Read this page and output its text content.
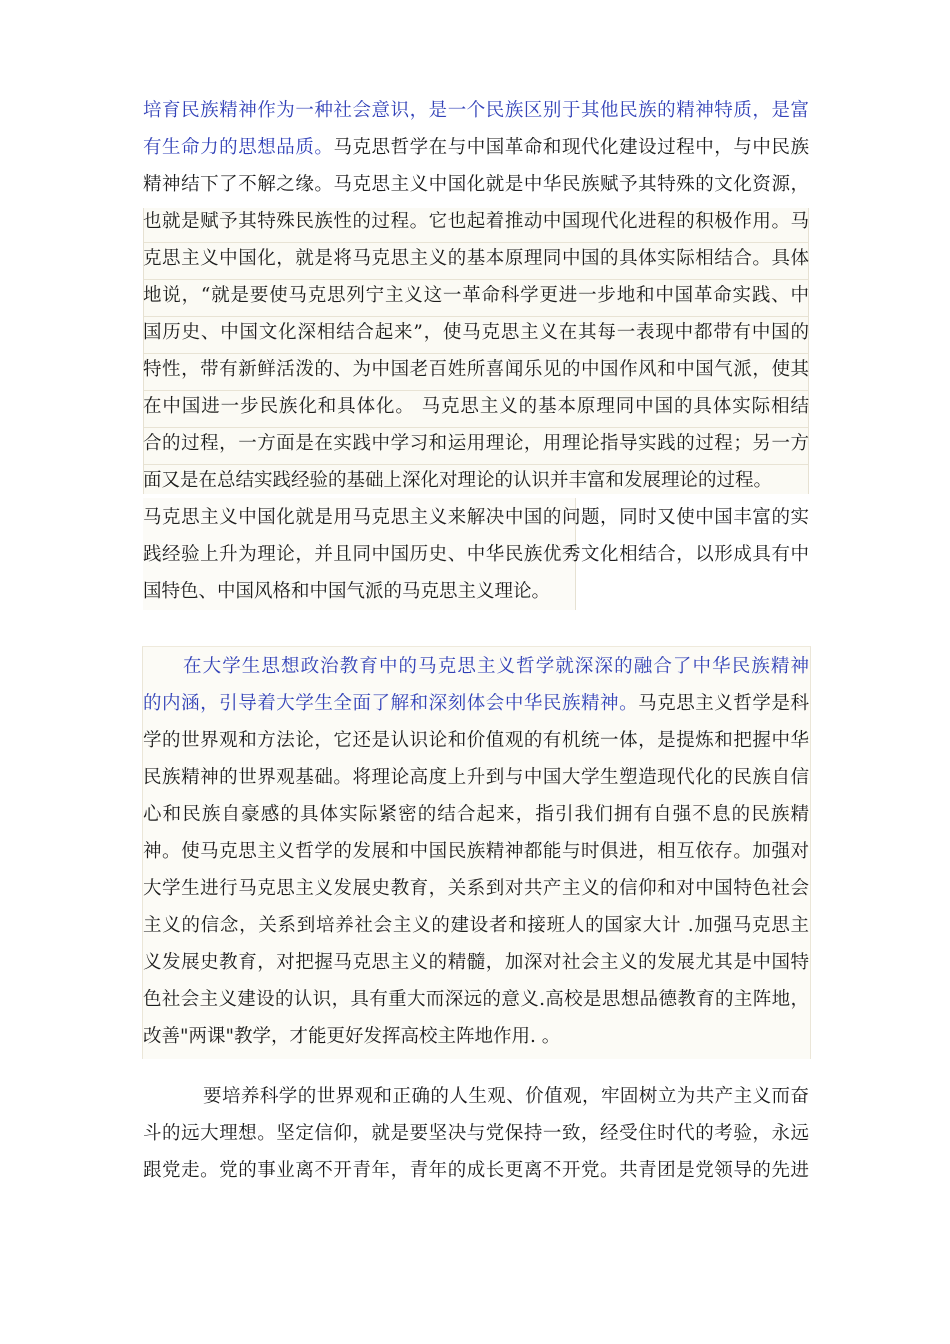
培育民族精神作为一种社会意识，是一个民族区别于其他民族的精神特质，是富
有生命力的思想品质。马克思哲学在与中国革命和现代化建设过程中，与中民族
精神结下了不解之缘。马克思主义中国化就是中华民族赋予其特殊的文化资源，
也就是赋予其特殊民族性的过程。它也起着推动中国现代化进程的积极作用。马
克思主义中国化，就是将马克思主义的基本原理同中国的具体实际相结合。具体
地说，“就是要使马克思列宁主义这一革命科学更进一步地和中国革命实践、中
国历史、中国文化深相结合起来”，使马克思主义在其每一表现中都带有中国的
特性，带有新鲜活泼的、为中国老百姓所喜闻乐见的中国作风和中国气派，使其
在中国进一步民族化和具体化。 马克思主义的基本原理同中国的具体实际相结
合的过程，一方面是在实践中学习和运用理论，用理论指导实践的过程；另一方
面又是在总结实践经验的基础上深化对理论的认识并丰富和发展理论的过程。
马克思主义中国化就是用马克思主义来解决中国的问题，同时又使中国丰富的实
践经验上升为理论，并且同中国历史、中华民族优秀文化相结合，以形成具有中
国特色、中国风格和中国气派的马克思主义理论。
在大学生思想政治教育中的马克思主义哲学就深深的融合了中华民族精神
的内涵，引导着大学生全面了解和深刻体会中华民族精神。马克思主义哲学是科
学的世界观和方法论，它还是认识论和价值观的有机统一体，是提炼和把握中华
民族精神的世界观基础。将理论高度上升到与中国大学生塑造现代化的民族自信
心和民族自豪感的具体实际紧密的结合起来，指引我们拥有自强不息的民族精
神。使马克思主义哲学的发展和中国民族精神都能与时俱进，相互依存。加强对
大学生进行马克思主义发展史教育，关系到对共产主义的信仰和对中国特色社会
主义的信念，关系到培养社会主义的建设者和接班人的国家大计 .加强马克思主
义发展史教育，对把握马克思主义的精髓，加深对社会主义的发展尤其是中国特
色社会主义建设的认识，具有重大而深远的意义.高校是思想品德教育的主阵地，
改善"两课"教学，才能更好发挥高校主阵地作用. 。
要培养科学的世界观和正确的人生观、价值观，牢固树立为共产主义而奋
斗的远大理想。坚定信仰，就是要坚决与党保持一致，经受住时代的考验，永远
跟党走。党的事业离不开青年，青年的成长更离不开党。共青团是党领导的先进
